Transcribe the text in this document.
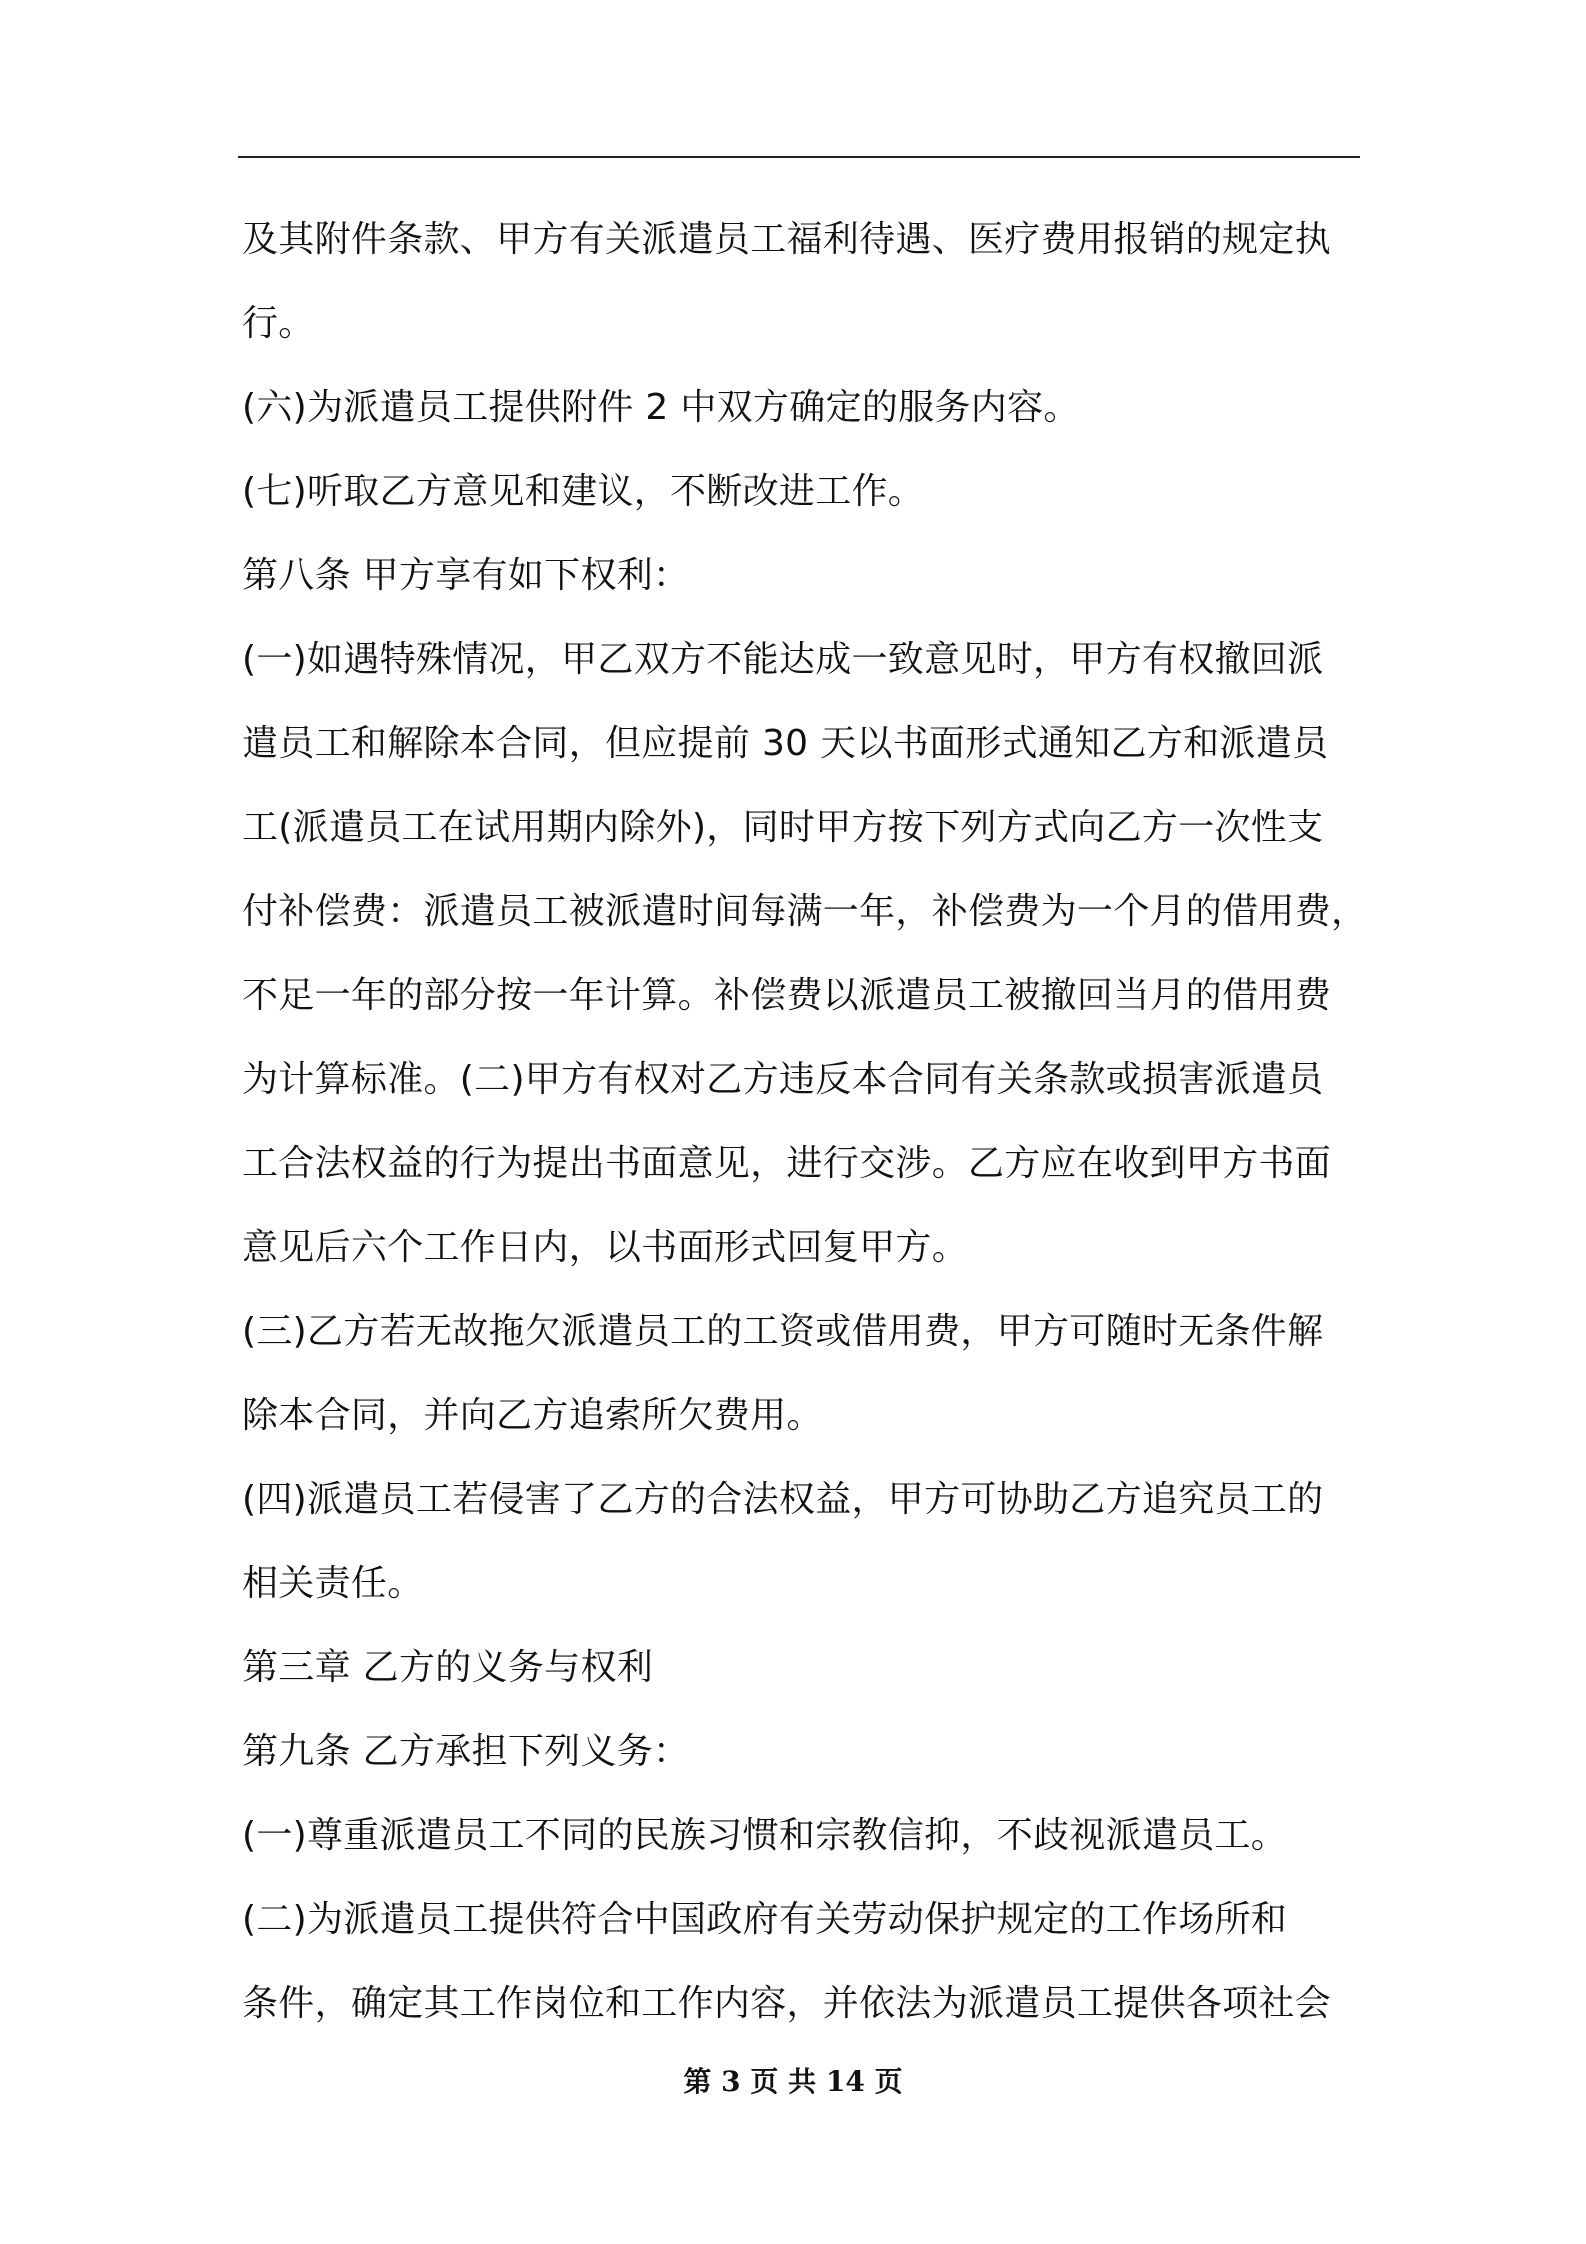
及其附件条款、甲方有关派遣员工福利待遇、医疗费用报销的规定执
行。
(六)为派遣员工提供附件 2 中双方确定的服务内容。
(七)听取乙方意见和建议，不断改进工作。
第八条 甲方享有如下权利：
(一)如遇特殊情况，甲乙双方不能达成一致意见时，甲方有权撤回派
遣员工和解除本合同，但应提前 30 天以书面形式通知乙方和派遣员
工(派遣员工在试用期内除外)，同时甲方按下列方式向乙方一次性支
付补偿费：派遣员工被派遣时间每满一年，补偿费为一个月的借用费，
不足一年的部分按一年计算。补偿费以派遣员工被撤回当月的借用费
为计算标准。(二)甲方有权对乙方违反本合同有关条款或损害派遣员
工合法权益的行为提出书面意见，进行交涉。乙方应在收到甲方书面
意见后六个工作日内，以书面形式回复甲方。
(三)乙方若无故拖欠派遣员工的工资或借用费，甲方可随时无条件解
除本合同，并向乙方追索所欠费用。
(四)派遣员工若侵害了乙方的合法权益，甲方可协助乙方追究员工的
相关责任。
第三章 乙方的义务与权利
第九条 乙方承担下列义务：
(一)尊重派遣员工不同的民族习惯和宗教信抑，不歧视派遣员工。
(二)为派遣员工提供符合中国政府有关劳动保护规定的工作场所和
条件，确定其工作岗位和工作内容，并依法为派遣员工提供各项社会
第 3 页 共 14 页
